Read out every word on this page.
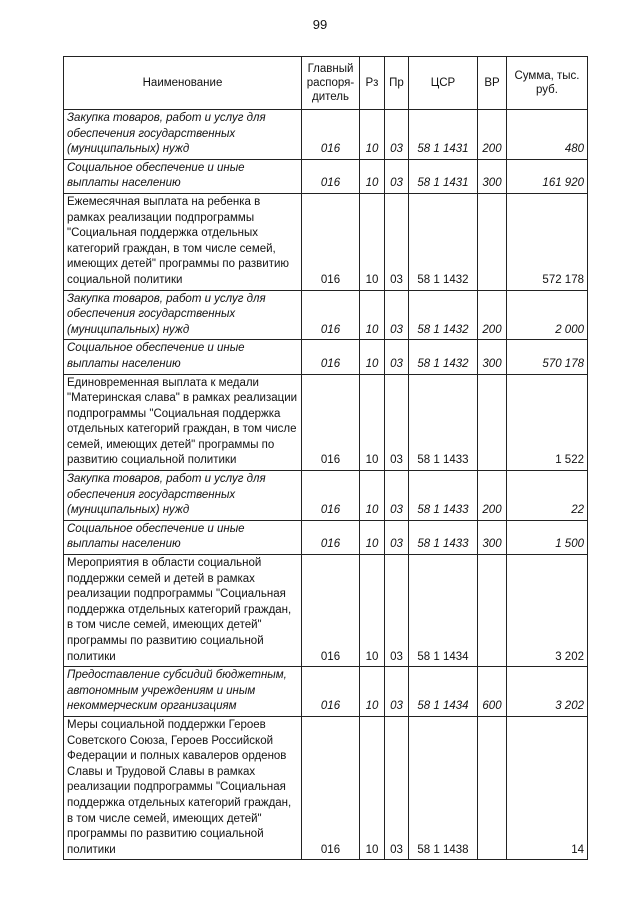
99
Наименование	Главный распоря-дитель	Рз	Пр	ЦСР	ВР	Сумма, тыс. руб.
Закупка товаров, работ и услуг для обеспечения государственных (муниципальных) нужд	016	10	03	58 1 1431	200	480
Социальное обеспечение и иные выплаты населению	016	10	03	58 1 1431	300	161 920
Ежемесячная выплата на ребенка в рамках реализации подпрограммы "Социальная поддержка отдельных категорий граждан, в том числе семей, имеющих детей" программы по развитию социальной политики	016	10	03	58 1 1432		572 178
Закупка товаров, работ и услуг для обеспечения государственных (муниципальных) нужд	016	10	03	58 1 1432	200	2 000
Социальное обеспечение и иные выплаты населению	016	10	03	58 1 1432	300	570 178
Единовременная выплата к медали "Материнская слава" в рамках реализации подпрограммы "Социальная поддержка отдельных категорий граждан, в том числе семей, имеющих детей" программы по развитию социальной политики	016	10	03	58 1 1433		1 522
Закупка товаров, работ и услуг для обеспечения государственных (муниципальных) нужд	016	10	03	58 1 1433	200	22
Социальное обеспечение и иные выплаты населению	016	10	03	58 1 1433	300	1 500
Мероприятия в области социальной поддержки семей и детей в рамках реализации подпрограммы "Социальная поддержка отдельных категорий граждан, в том числе семей, имеющих детей" программы по развитию социальной политики	016	10	03	58 1 1434		3 202
Предоставление субсидий бюджетным, автономным учреждениям и иным некоммерческим организациям	016	10	03	58 1 1434	600	3 202
Меры социальной поддержки Героев Советского Союза, Героев Российской Федерации и полных кавалеров орденов Славы и Трудовой Славы в рамках реализации подпрограммы "Социальная поддержка отдельных категорий граждан, в том числе семей, имеющих детей" программы по развитию социальной политики	016	10	03	58 1 1438		14
